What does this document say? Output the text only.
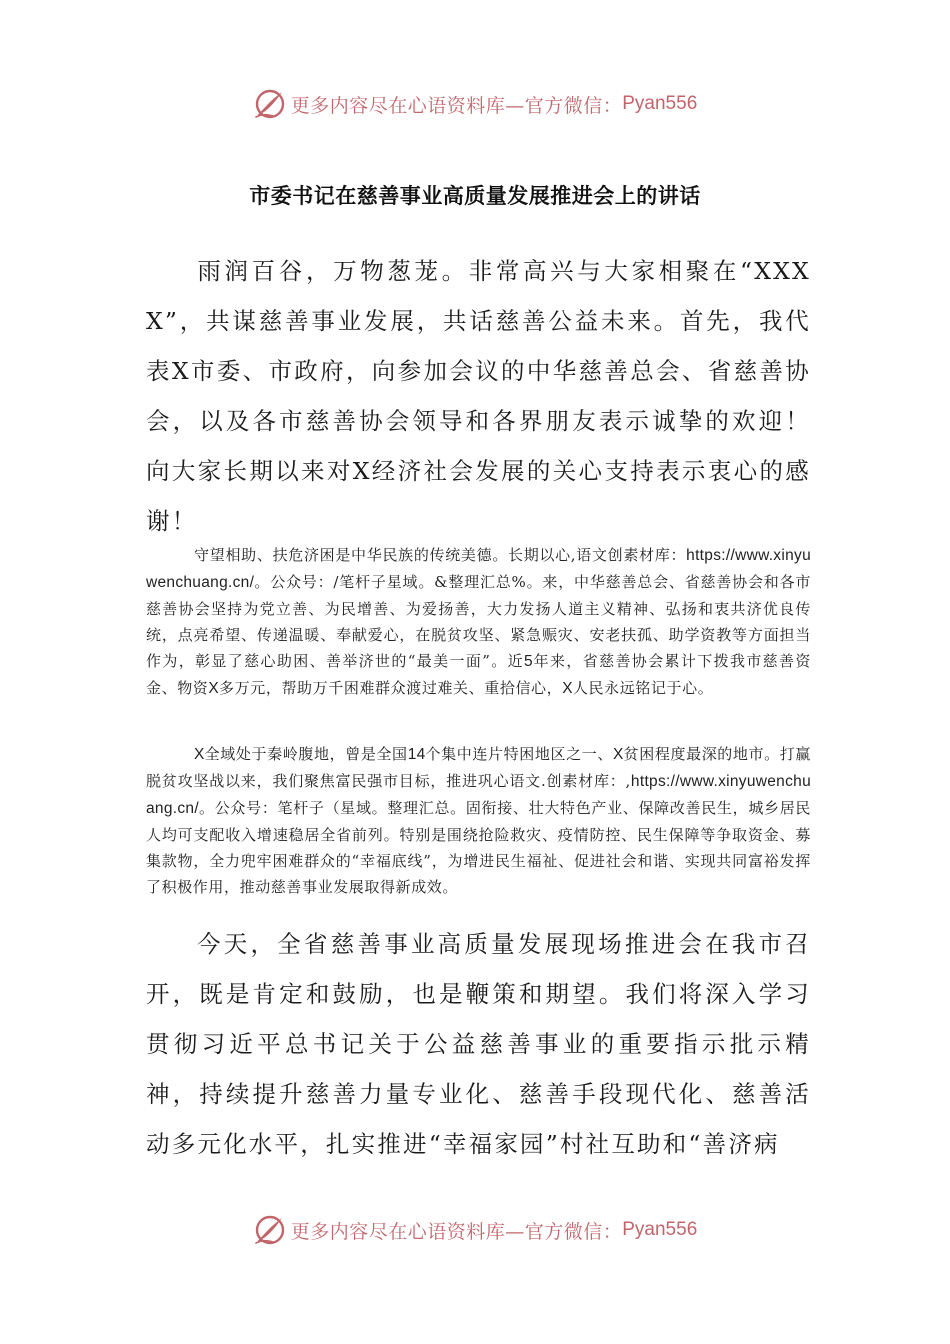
更多内容尽在心语资料库—官方微信： Pyan556
市委书记在慈善事业高质量发展推进会上的讲话

雨润百谷，万物葱茏。非常高兴与大家相聚在“XXXX”，共谋慈善事业发展，共话慈善公益未来。首先，我代表X市委、市政府，向参加会议的中华慈善总会、省慈善协会，以及各市慈善协会领导和各界朋友表示诚挚的欢迎！向大家长期以来对X经济社会发展的关心支持表示衷心的感谢！

守望相助、扶危济困是中华民族的传统美德。长期以心,语文创素材库：https://www.xinyuwenchuang.cn/。公众号：/笔杆子星域。&整理汇总%。来，中华慈善总会、省慈善协会和各市慈善协会坚持为党立善、为民增善、为爱扬善，大力发扬人道主义精神、弘扬和衷共济优良传统，点亮希望、传递温暖、奉献爱心，在脱贫攻坚、紧急赈灾、安老扶孤、助学资教等方面担当作为，彰显了慈心助困、善举济世的“最美一面”。近5年来，省慈善协会累计下拨我市慈善资金、物资X多万元，帮助万千困难群众渡过难关、重拾信心，X人民永远铭记于心。

X全域处于秦岭腹地，曾是全国14个集中连片特困地区之一、X贫困程度最深的地市。打赢脱贫攻坚战以来，我们聚焦富民强市目标，推进巩心语文.创素材库：,https://www.xinyuwenchuang.cn/。公众号：笔杆子（星域。整理汇总。固衔接、壮大特色产业、保障改善民生，城乡居民人均可支配收入增速稳居全省前列。特别是围绕抢险救灾、疫情防控、民生保障等争取资金、募集款物，全力兜牢困难群众的“幸福底线”，为增进民生福祉、促进社会和谐、实现共同富裕发挥了积极作用，推动慈善事业发展取得新成效。

今天，全省慈善事业高质量发展现场推进会在我市召开，既是肯定和鼓励，也是鞭策和期望。我们将深入学习贯彻习近平总书记关于公益慈善事业的重要指示批示精神，持续提升慈善力量专业化、慈善手段现代化、慈善活动多元化水平，扎实推进“幸福家园”村社互助和“善济病

更多内容尽在心语资料库—官方微信： Pyan556
